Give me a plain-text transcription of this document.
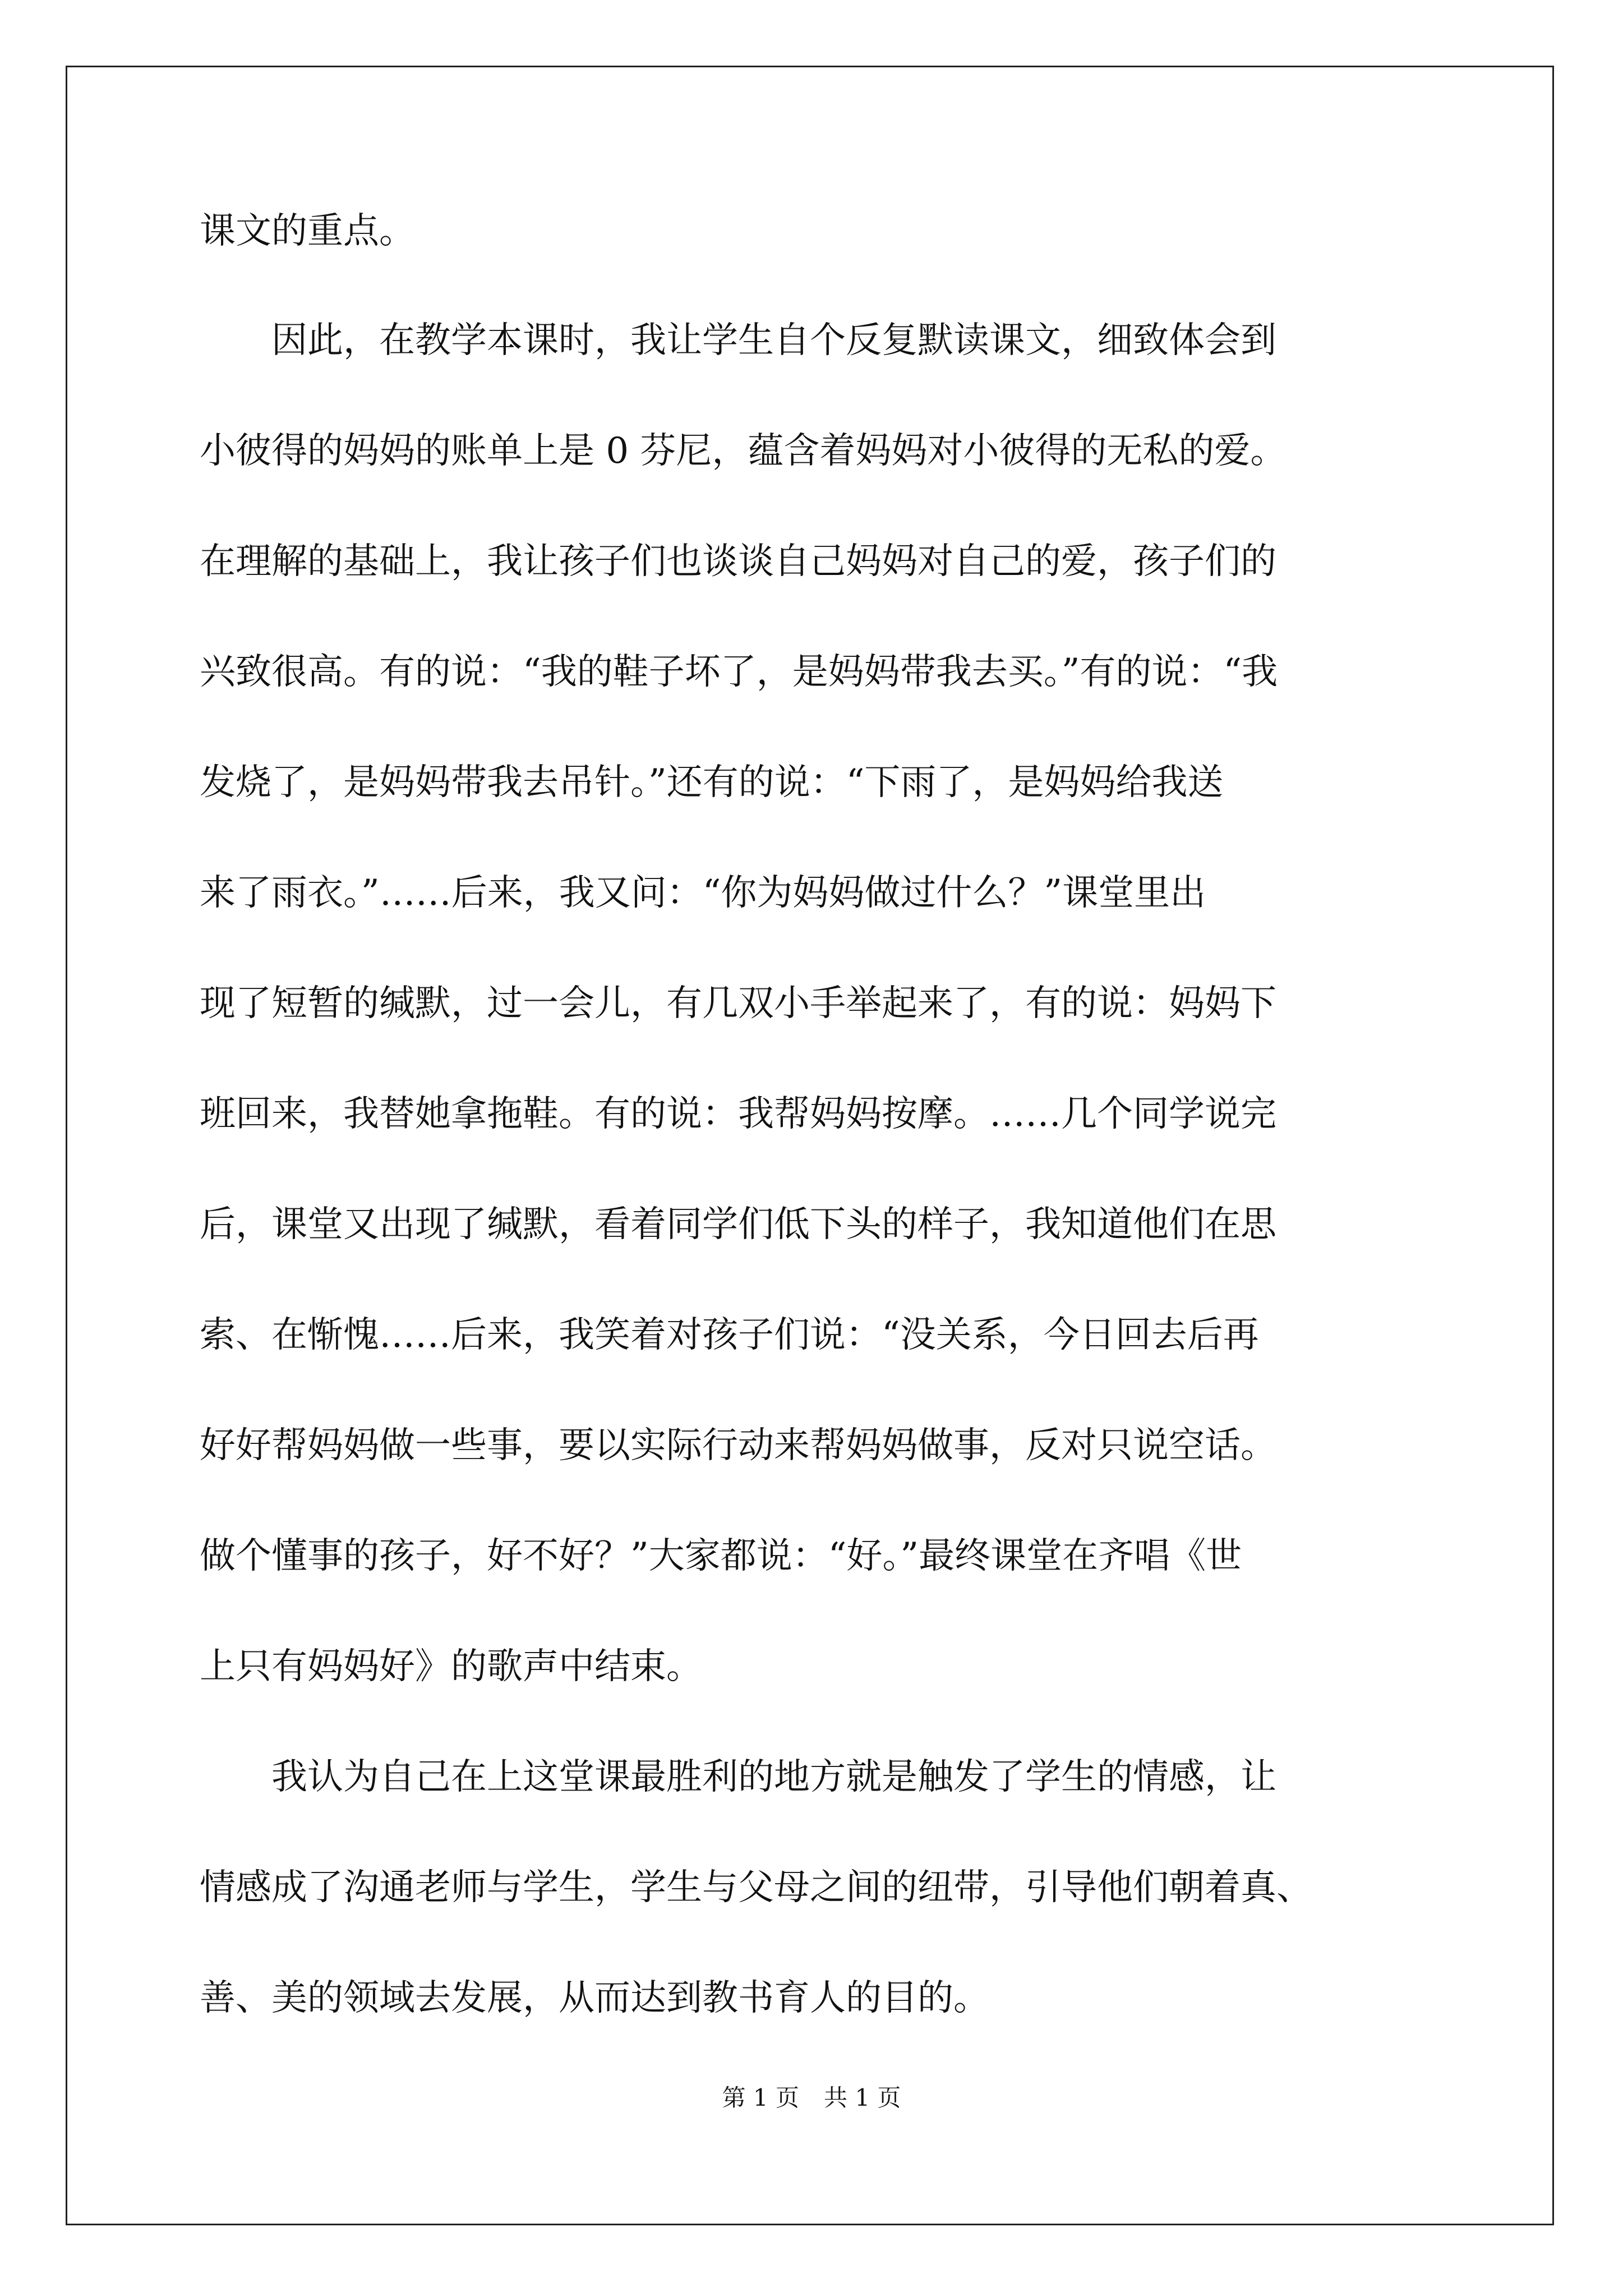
课文的重点。
　　因此，在教学本课时，我让学生自个反复默读课文，细致体会到
小彼得的妈妈的账单上是 0 芬尼，蕴含着妈妈对小彼得的无私的爱。
在理解的基础上，我让孩子们也谈谈自己妈妈对自己的爱，孩子们的
兴致很高。有的说：“我的鞋子坏了，是妈妈带我去买。”有的说：“我
发烧了，是妈妈带我去吊针。”还有的说：“下雨了，是妈妈给我送
来了雨衣。”……后来，我又问：“你为妈妈做过什么？”课堂里出
现了短暂的缄默，过一会儿，有几双小手举起来了，有的说：妈妈下
班回来，我替她拿拖鞋。有的说：我帮妈妈按摩。……几个同学说完
后，课堂又出现了缄默，看着同学们低下头的样子，我知道他们在思
索、在惭愧……后来，我笑着对孩子们说：“没关系，今日回去后再
好好帮妈妈做一些事，要以实际行动来帮妈妈做事，反对只说空话。
做个懂事的孩子，好不好？”大家都说：“好。”最终课堂在齐唱《世
上只有妈妈好》的歌声中结束。
　　我认为自己在上这堂课最胜利的地方就是触发了学生的情感，让
情感成了沟通老师与学生，学生与父母之间的纽带，引导他们朝着真、
善、美的领域去发展，从而达到教书育人的目的。
第 1 页 共 1 页
